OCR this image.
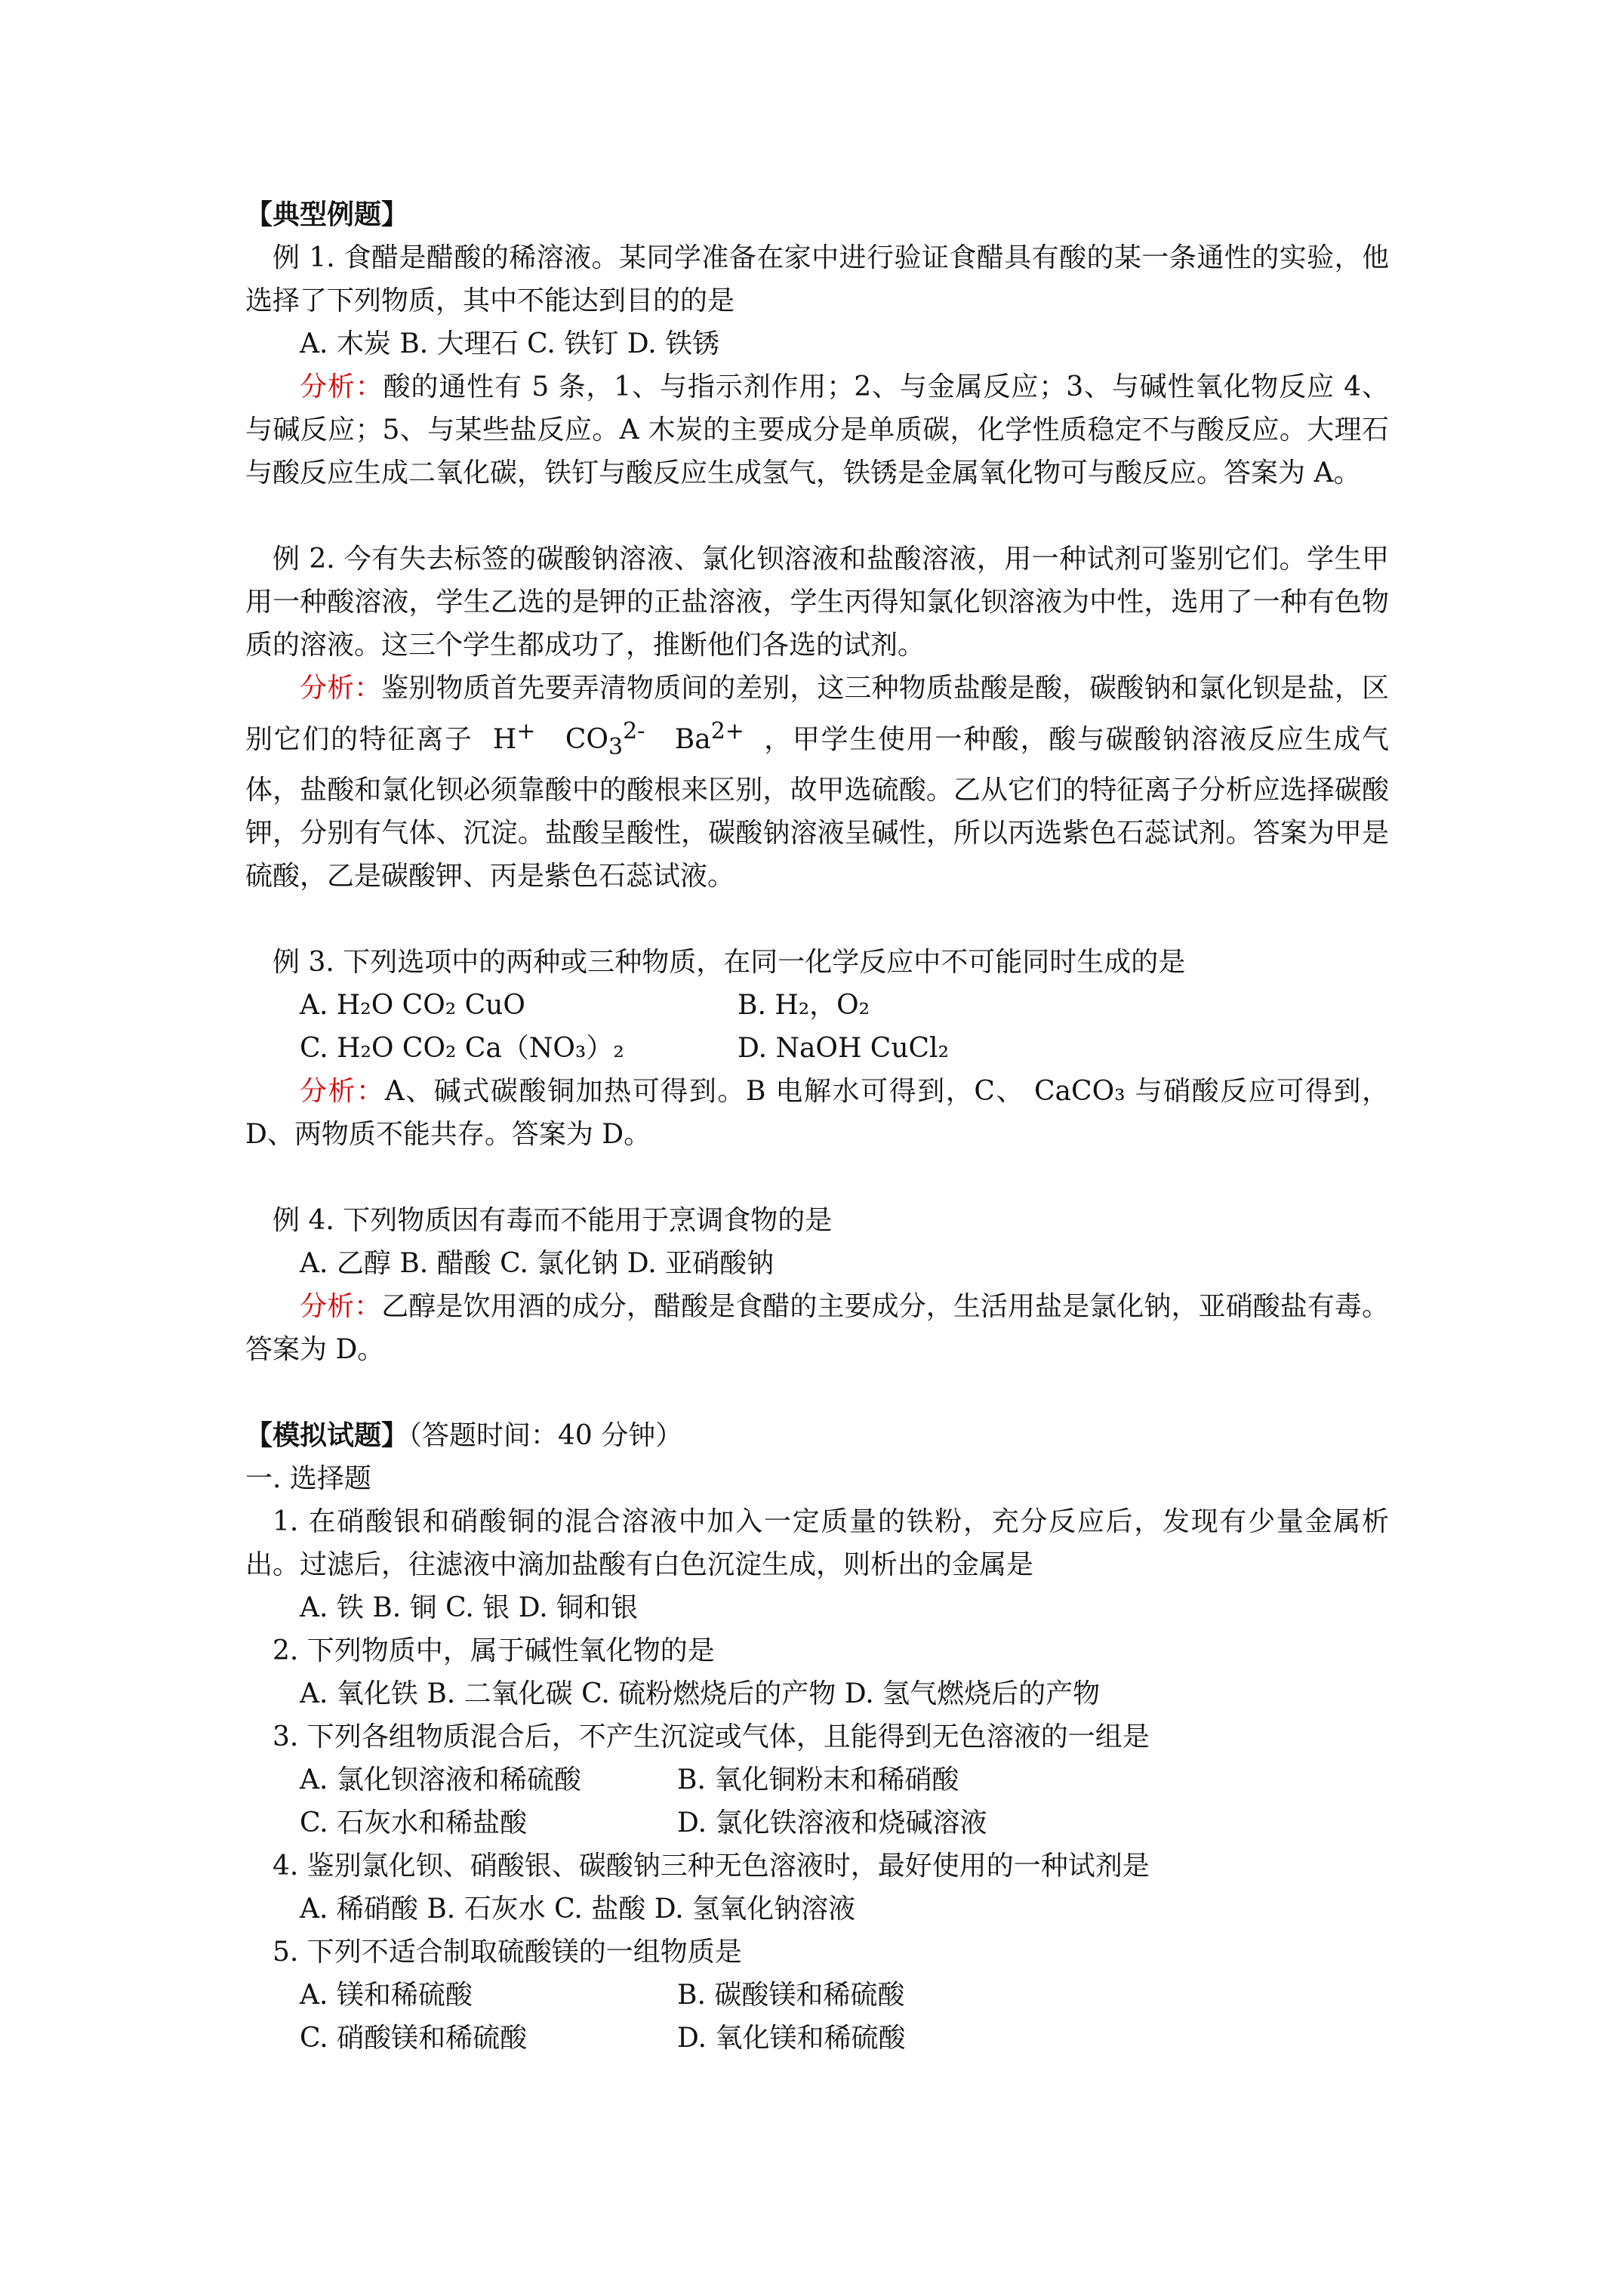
【典型例题】

例 1. 食醋是醋酸的稀溶液。某同学准备在家中进行验证食醋具有酸的某一条通性的实验，他选择了下列物质，其中不能达到目的的是

A. 木炭 B. 大理石 C. 铁钉 D. 铁锈

分析：酸的通性有 5 条，1、与指示剂作用；2、与金属反应；3、与碱性氧化物反应 4、与碱反应；5、与某些盐反应。A 木炭的主要成分是单质碳，化学性质稳定不与酸反应。大理石与酸反应生成二氧化碳，铁钉与酸反应生成氢气，铁锈是金属氧化物可与酸反应。答案为 A。

例 2. 今有失去标签的碳酸钠溶液、氯化钡溶液和盐酸溶液，用一种试剂可鉴别它们。学生甲用一种酸溶液，学生乙选的是钾的正盐溶液，学生丙得知氯化钡溶液为中性，选用了一种有色物质的溶液。这三个学生都成功了，推断他们各选的试剂。

分析：鉴别物质首先要弄清物质间的差别，这三种物质盐酸是酸，碳酸钠和氯化钡是盐，区别它们的特征离子 H+ $CO_3^{2-}$ $Ba^{2+}$ ，甲学生使用一种酸，酸与碳酸钠溶液反应生成气体，盐酸和氯化钡必须靠酸中的酸根来区别，故甲选硫酸。乙从它们的特征离子分析应选择碳酸钾，分别有气体、沉淀。盐酸呈酸性，碳酸钠溶液呈碱性，所以丙选紫色石蕊试剂。答案为甲是硫酸，乙是碳酸钾、丙是紫色石蕊试液。

例 3. 下列选项中的两种或三种物质，在同一化学反应中不可能同时生成的是

A. H₂O CO₂ CuO	B. H₂，O₂
C. H₂O CO₂ Ca（NO₃）₂	D. NaOH CuCl₂

分析：A、碱式碳酸铜加热可得到。B 电解水可得到，C、 CaCO₃ 与硝酸反应可得到，D、两物质不能共存。答案为 D。

例 4. 下列物质因有毒而不能用于烹调食物的是

A. 乙醇 B. 醋酸 C. 氯化钠 D. 亚硝酸钠

分析：乙醇是饮用酒的成分，醋酸是食醋的主要成分，生活用盐是氯化钠，亚硝酸盐有毒。答案为 D。

【模拟试题】（答题时间：40 分钟）

一. 选择题

1. 在硝酸银和硝酸铜的混合溶液中加入一定质量的铁粉，充分反应后，发现有少量金属析出。过滤后，往滤液中滴加盐酸有白色沉淀生成，则析出的金属是

A. 铁 B. 铜 C. 银 D. 铜和银

2. 下列物质中，属于碱性氧化物的是

A. 氧化铁 B. 二氧化碳 C. 硫粉燃烧后的产物 D. 氢气燃烧后的产物

3. 下列各组物质混合后，不产生沉淀或气体，且能得到无色溶液的一组是

A. 氯化钡溶液和稀硫酸	B. 氧化铜粉末和稀硝酸
C. 石灰水和稀盐酸	D. 氯化铁溶液和烧碱溶液

4. 鉴别氯化钡、硝酸银、碳酸钠三种无色溶液时，最好使用的一种试剂是

A. 稀硝酸 B. 石灰水 C. 盐酸 D. 氢氧化钠溶液

5. 下列不适合制取硫酸镁的一组物质是

A. 镁和稀硫酸	B. 碳酸镁和稀硫酸
C. 硝酸镁和稀硫酸	D. 氧化镁和稀硫酸
